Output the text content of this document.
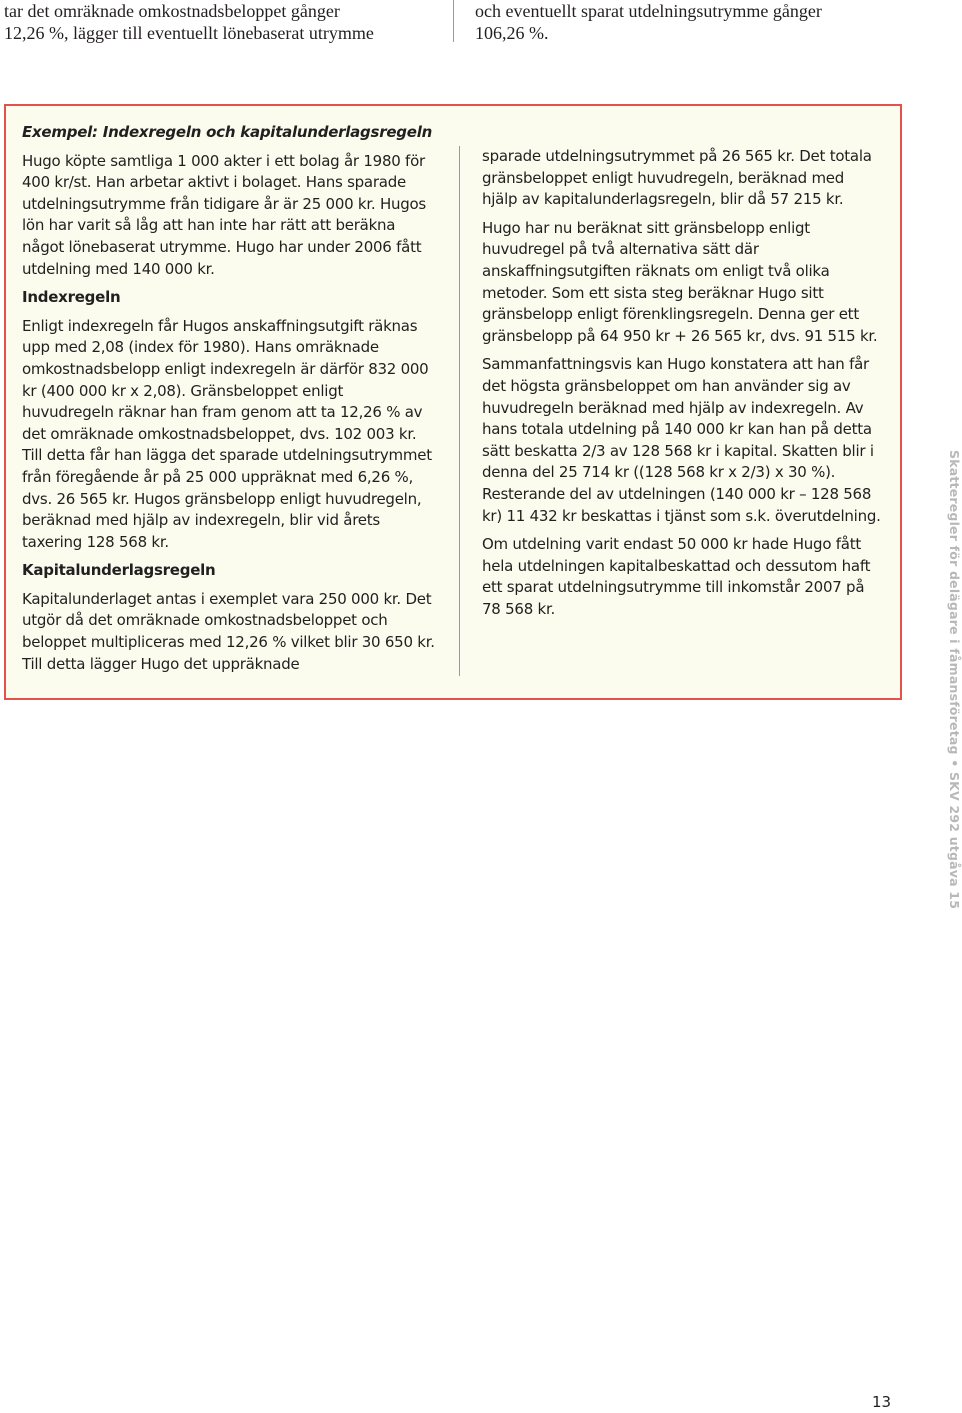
tar det omräknade omkostnadsbeloppet gånger

12,26 %, lägger till eventuellt lönebaserat utrymme

och eventuellt sparat utdelningsutrymme gånger

106,26 %.

Exempel: Indexregeln och kapitalunderlagsregeln

Hugo köpte samtliga 1 000 akter i ett bolag år 1980 för 400 kr/st. Han arbetar aktivt i bolaget. Hans sparade utdelningsutrymme från tidigare år är 25 000 kr. Hugos lön har varit så låg att han inte har rätt att beräkna något lönebaserat utrymme. Hugo har under 2006 fått utdelning med 140 000 kr.

Indexregeln

Enligt indexregeln får Hugos anskaffningsutgift räknas upp med 2,08 (index för 1980). Hans omräknade omkostnadsbelopp enligt indexregeln är därför 832 000 kr (400 000 kr x 2,08). Gränsbeloppet enligt huvudregeln räknar han fram genom att ta 12,26 % av det omräknade omkostnadsbeloppet, dvs. 102 003 kr. Till detta får han lägga det sparade utdelningsutrymmet från föregående år på 25 000 uppräknat med 6,26 %, dvs. 26 565 kr. Hugos gränsbelopp enligt huvudregeln, beräknad med hjälp av indexregeln, blir vid årets taxering 128 568 kr.

Kapitalunderlagsregeln

Kapitalunderlaget antas i exemplet vara 250 000 kr. Det utgör då det omräknade omkostnadsbeloppet och beloppet multipliceras med 12,26 % vilket blir 30 650 kr. Till detta lägger Hugo det uppräknade

sparade utdelningsutrymmet på 26 565 kr. Det totala gränsbeloppet enligt huvudregeln, beräknad med hjälp av kapitalunderlagsregeln, blir då 57 215 kr.

Hugo har nu beräknat sitt gränsbelopp enligt huvudregel på två alternativa sätt där anskaffningsutgiften räknats om enligt två olika metoder. Som ett sista steg beräknar Hugo sitt gränsbelopp enligt förenklingsregeln. Denna ger ett gränsbelopp på 64 950 kr + 26 565 kr, dvs. 91 515 kr.

Sammanfattningsvis kan Hugo konstatera att han får det högsta gränsbeloppet om han använder sig av huvudregeln beräknad med hjälp av indexregeln. Av hans totala utdelning på 140 000 kr kan han på detta sätt beskatta 2/3 av 128 568 kr i kapital. Skatten blir i denna del 25 714 kr ((128 568 kr x 2/3) x 30 %). Resterande del av utdelningen (140 000 kr – 128 568 kr) 11 432 kr beskattas i tjänst som s.k. överutdelning.

Om utdelning varit endast 50 000 kr hade Hugo fått hela utdelningen kapitalbeskattad och dessutom haft ett sparat utdelningsutrymme till inkomstår 2007 på 78 568 kr.	Skatteregler för delägare i fåmansföretag • SKV 292 utgåva 15
13
